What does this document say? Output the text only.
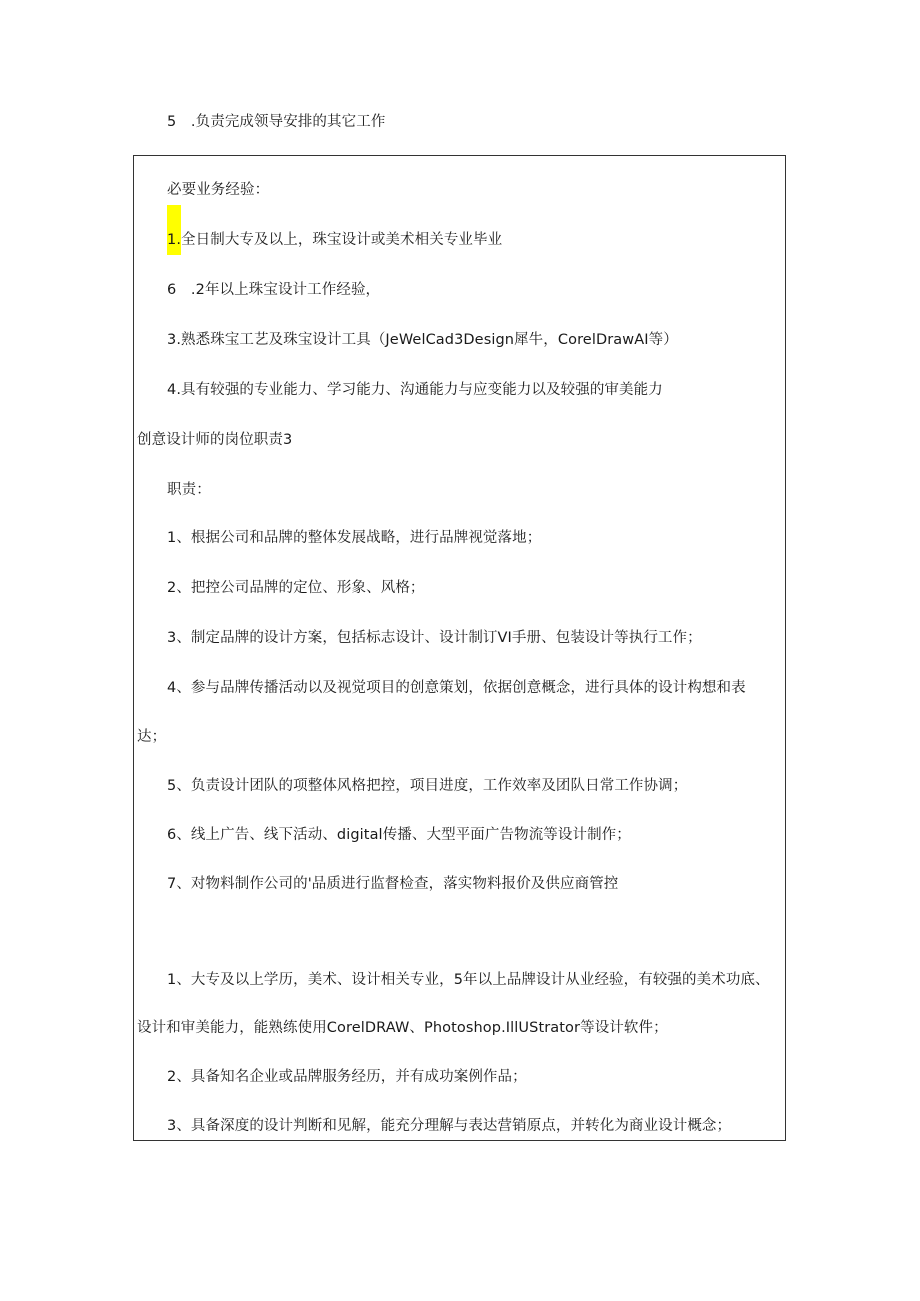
5　.负责完成领导安排的其它工作
必要业务经验：
1.全日制大专及以上，珠宝设计或美术相关专业毕业
6　.2年以上珠宝设计工作经验，
3.熟悉珠宝工艺及珠宝设计工具（JeWelCad3Design犀牛，CorelDrawAI等）
4.具有较强的专业能力、学习能力、沟通能力与应变能力以及较强的审美能力
创意设计师的岗位职责3
职责：
1、根据公司和品牌的整体发展战略，进行品牌视觉落地；
2、把控公司品牌的定位、形象、风格；
3、制定品牌的设计方案，包括标志设计、设计制订VI手册、包装设计等执行工作；
4、参与品牌传播活动以及视觉项目的创意策划，依据创意概念，进行具体的设计构想和表
达；
5、负责设计团队的项整体风格把控，项目进度，工作效率及团队日常工作协调；
6、线上广告、线下活动、digital传播、大型平面广告物流等设计制作；
7、对物料制作公司的'品质进行监督检查，落实物料报价及供应商管控
1、大专及以上学历，美术、设计相关专业，5年以上品牌设计从业经验，有较强的美术功底、
设计和审美能力，能熟练使用CorelDRAW、Photoshop.IllUStrator等设计软件；
2、具备知名企业或品牌服务经历，并有成功案例作品；
3、具备深度的设计判断和见解，能充分理解与表达营销原点，并转化为商业设计概念；
